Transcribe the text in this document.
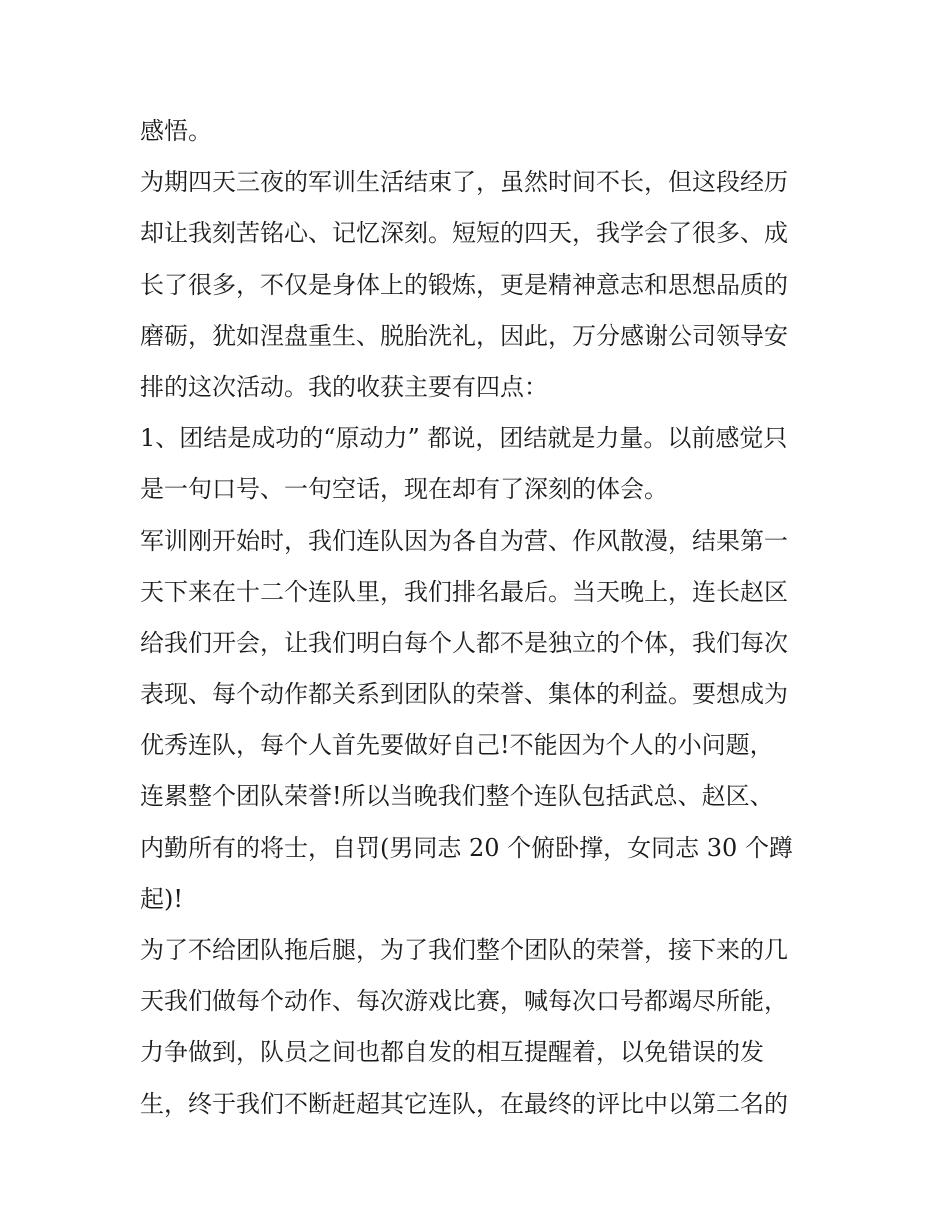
感悟。
为期四天三夜的军训生活结束了，虽然时间不长，但这段经历
却让我刻苦铭心、记忆深刻。短短的四天，我学会了很多、成
长了很多，不仅是身体上的锻炼，更是精神意志和思想品质的
磨砺，犹如涅盘重生、脱胎洗礼，因此，万分感谢公司领导安
排的这次活动。我的收获主要有四点：
1、团结是成功的“原动力” 都说，团结就是力量。以前感觉只
是一句口号、一句空话，现在却有了深刻的体会。
军训刚开始时，我们连队因为各自为营、作风散漫，结果第一
天下来在十二个连队里，我们排名最后。当天晚上，连长赵区
给我们开会，让我们明白每个人都不是独立的个体，我们每次
表现、每个动作都关系到团队的荣誉、集体的利益。要想成为
优秀连队，每个人首先要做好自己!不能因为个人的小问题，
连累整个团队荣誉!所以当晚我们整个连队包括武总、赵区、
内勤所有的将士，自罚(男同志 20 个俯卧撑，女同志 30 个蹲
起)!
为了不给团队拖后腿，为了我们整个团队的荣誉，接下来的几
天我们做每个动作、每次游戏比赛，喊每次口号都竭尽所能，
力争做到，队员之间也都自发的相互提醒着，以免错误的发
生，终于我们不断赶超其它连队，在最终的评比中以第二名的
